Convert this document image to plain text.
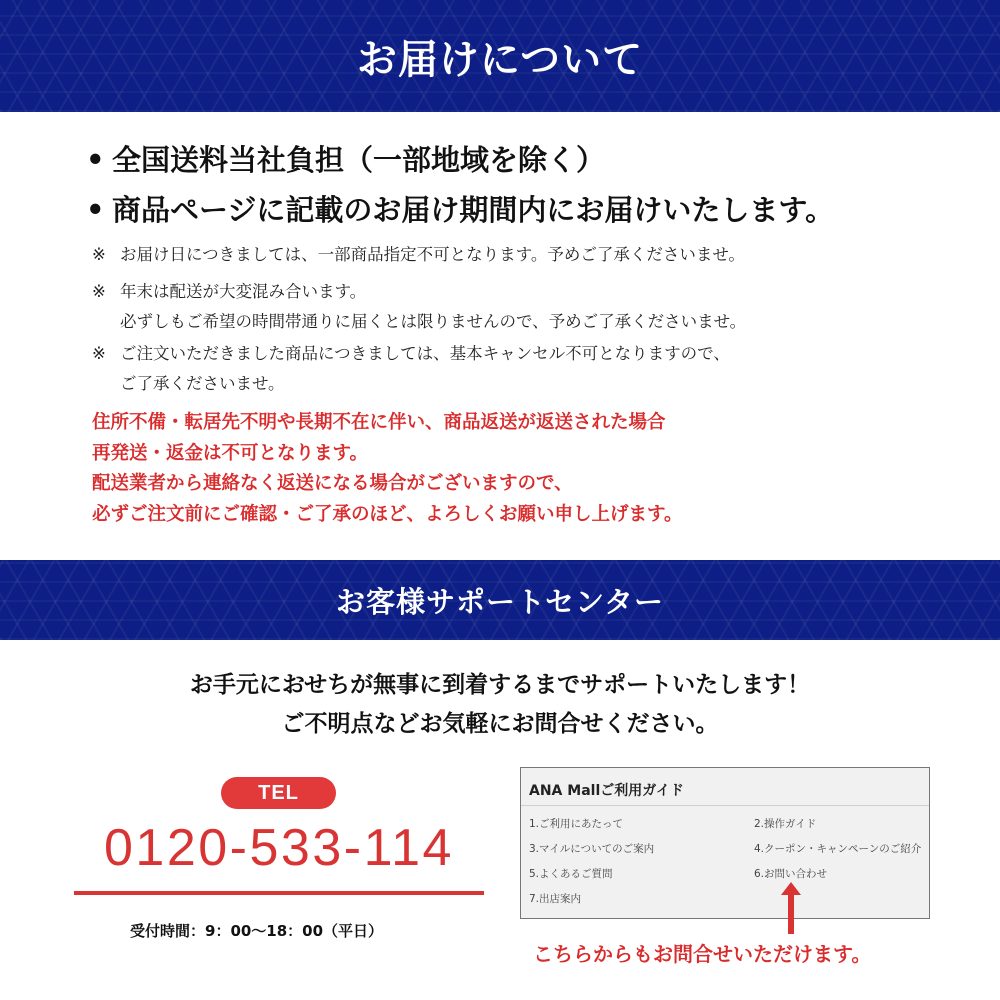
お届けについて
• 全国送料当社負担（一部地域を除く）
• 商品ページに記載のお届け期間内にお届けいたします。
※ お届け日につきましては、一部商品指定不可となります。予めご了承くださいませ。
※ 年末は配送が大変混み合います。
必ずしもご希望の時間帯通りに届くとは限りませんので、予めご了承くださいませ。
※ ご注文いただきました商品につきましては、基本キャンセル不可となりますので、
ご了承くださいませ。
住所不備・転居先不明や長期不在に伴い、商品返送が返送された場合
再発送・返金は不可となります。
配送業者から連絡なく返送になる場合がございますので、
必ずご注文前にご確認・ご了承のほど、よろしくお願い申し上げます。
お客様サポートセンター
お手元におせちが無事に到着するまでサポートいたします！
ご不明点などお気軽にお問合せください。
TEL
0120-533-114
受付時間：9：00〜18：00（平日）
ANA Mallご利用ガイド
1.ご利用にあたって	2.操作ガイド
3.マイルについてのご案内	4.クーポン・キャンペーンのご紹介
5.よくあるご質問	6.お問い合わせ
7.出店案内
こちらからもお問合せいただけます。
